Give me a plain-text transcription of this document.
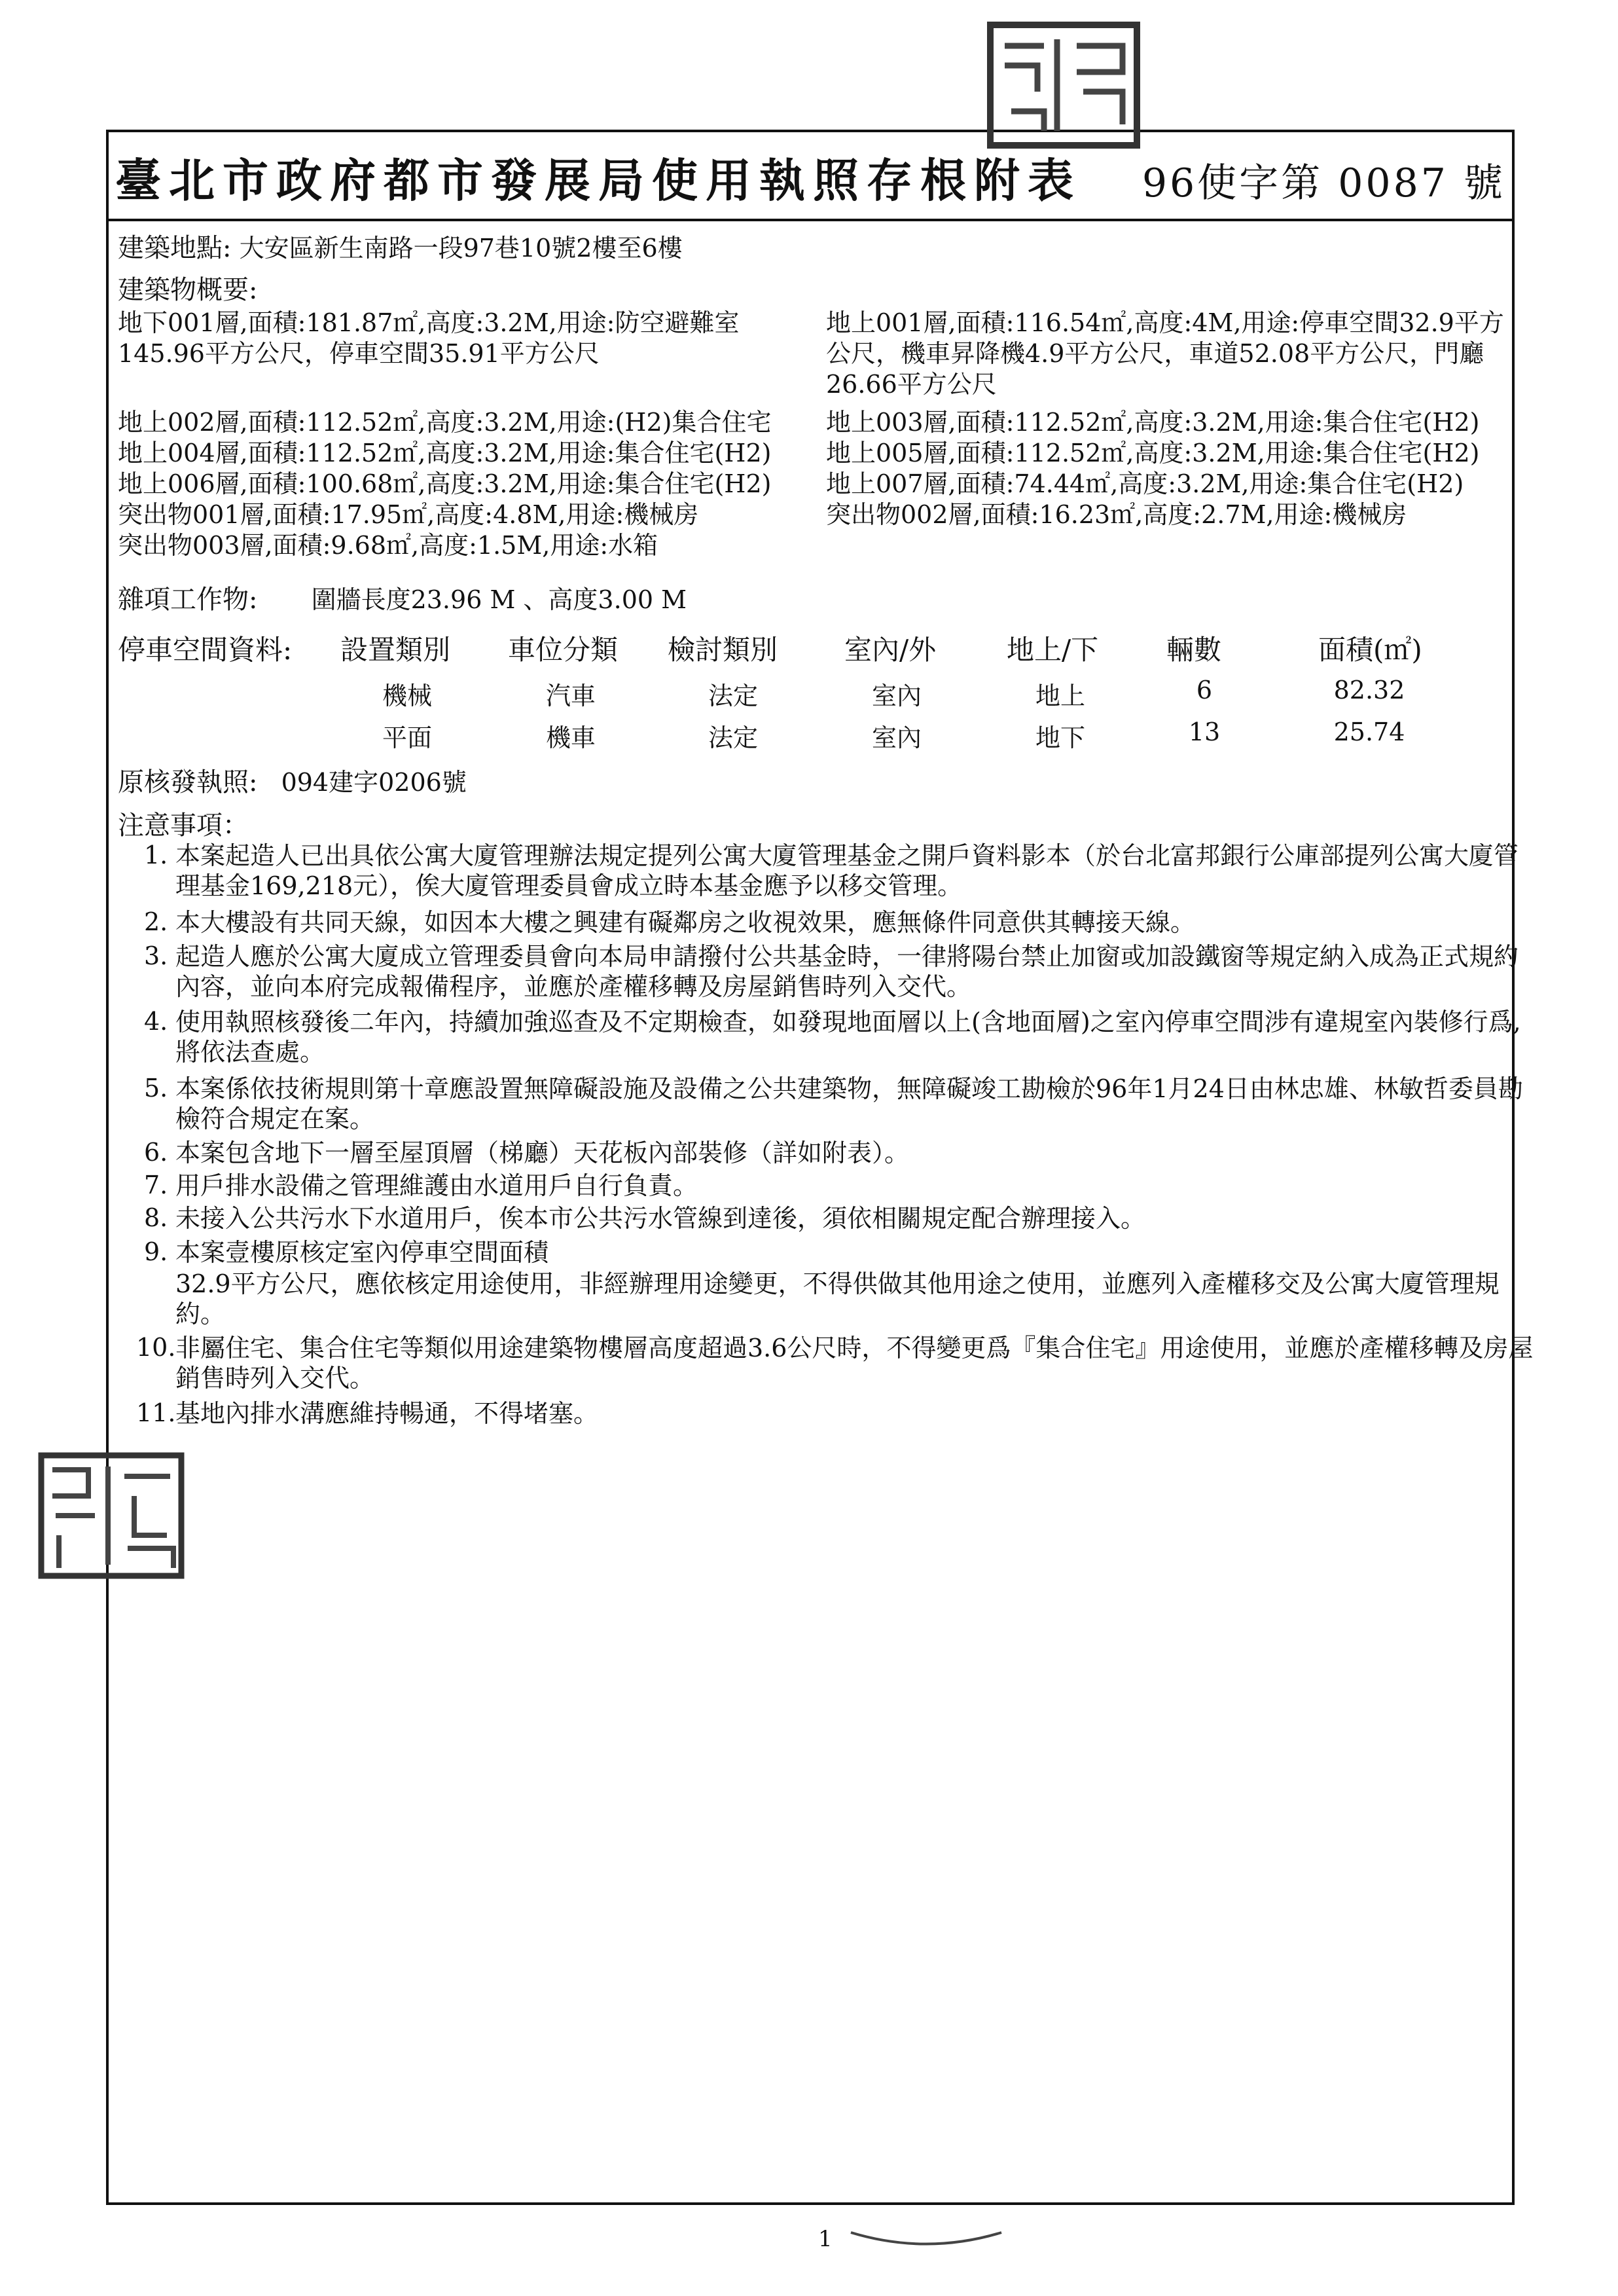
臺北市政府都市發展局使用執照存根附表 96使字第 0087 號
建築地點: 大安區新生南路一段97巷10號2樓至6樓
建築物概要:
地下001層,面積:181.87㎡,高度:3.2M,用途:防空避難室145.96平方公尺，停車空間35.91平方公尺
地上002層,面積:112.52㎡,高度:3.2M,用途:(H2)集合住宅
地上004層,面積:112.52㎡,高度:3.2M,用途:集合住宅(H2)
地上006層,面積:100.68㎡,高度:3.2M,用途:集合住宅(H2)
突出物001層,面積:17.95㎡,高度:4.8M,用途:機械房
突出物003層,面積:9.68㎡,高度:1.5M,用途:水箱
地上001層,面積:116.54㎡,高度:4M,用途:停車空間32.9平方公尺，機車昇降機4.9平方公尺，車道52.08平方公尺，門廳26.66平方公尺
地上003層,面積:112.52㎡,高度:3.2M,用途:集合住宅(H2)
地上005層,面積:112.52㎡,高度:3.2M,用途:集合住宅(H2)
地上007層,面積:74.44㎡,高度:3.2M,用途:集合住宅(H2)
突出物002層,面積:16.23㎡,高度:2.7M,用途:機械房
雜項工作物: 圍牆長度23.96 M 、高度3.00 M
停車空間資料: 設置類別 車位分類 檢討類別 室內/外	地上/下 輛數	面積(㎡)
機械	汽車	法定	室內	地上	6	82.32
平面	機車	法定	室內	地下	13	25.74
原核發執照: 094建字0206號
注意事項：
1. 本案起造人已出具依公寓大廈管理辦法規定提列公寓大廈管理基金之開戶資料影本（於台北富邦銀行公庫部提列公寓大廈管理基金169,218元），俟大廈管理委員會成立時本基金應予以移交管理。
2. 本大樓設有共同天線，如因本大樓之興建有礙鄰房之收視效果，應無條件同意供其轉接天線。
3. 起造人應於公寓大廈成立管理委員會向本局申請撥付公共基金時，一律將陽台禁止加窗或加設鐵窗等規定納入成為正式規約內容，並向本府完成報備程序，並應於產權移轉及房屋銷售時列入交代。
4. 使用執照核發後二年內，持續加強巡查及不定期檢查，如發現地面層以上(含地面層)之室內停車空間涉有違規室內裝修行爲,將依法查處。
5. 本案係依技術規則第十章應設置無障礙設施及設備之公共建築物，無障礙竣工勘檢於96年1月24日由林忠雄、林敏哲委員勘檢符合規定在案。
6. 本案包含地下一層至屋頂層（梯廳）天花板內部裝修（詳如附表）。
7. 用戶排水設備之管理維護由水道用戶自行負責。
8. 未接入公共污水下水道用戶，俟本市公共污水管線到達後，須依相關規定配合辦理接入。
9. 本案壹樓原核定室內停車空間面積
32.9平方公尺，應依核定用途使用，非經辦理用途變更，不得供做其他用途之使用，並應列入產權移交及公寓大廈管理規約。
10. 非屬住宅、集合住宅等類似用途建築物樓層高度超過3.6公尺時，不得變更爲『集合住宅』用途使用，並應於產權移轉及房屋銷售時列入交代。
11. 基地內排水溝應維持暢通，不得堵塞。
1
